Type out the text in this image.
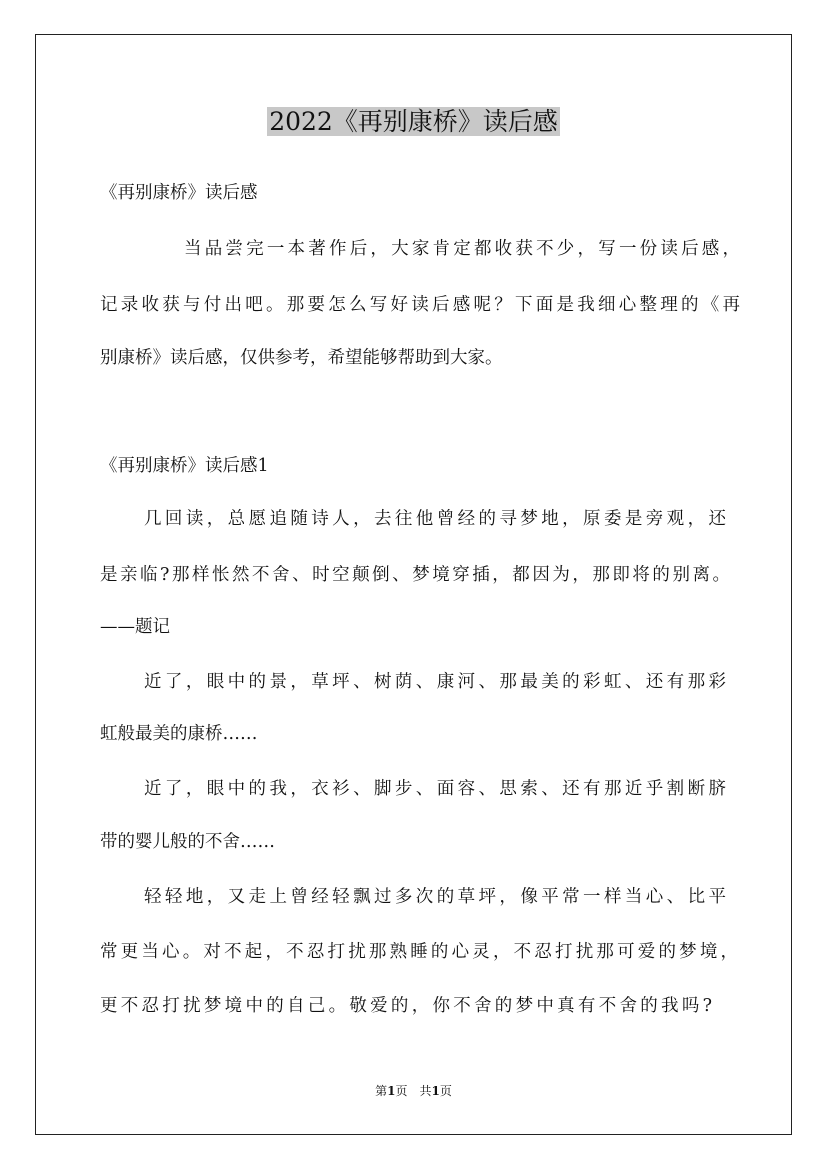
2022《再别康桥》读后感
《再别康桥》读后感
当品尝完一本著作后，大家肯定都收获不少，写一份读后感，
记录收获与付出吧。那要怎么写好读后感呢？下面是我细心整理的《再
别康桥》读后感，仅供参考，希望能够帮助到大家。
《再别康桥》读后感1
几回读，总愿追随诗人，去往他曾经的寻梦地，原委是旁观，还
是亲临?那样怅然不舍、时空颠倒、梦境穿插，都因为，那即将的别离。
——题记
近了，眼中的景，草坪、树荫、康河、那最美的彩虹、还有那彩
虹般最美的康桥……
近了，眼中的我，衣衫、脚步、面容、思索、还有那近乎割断脐
带的婴儿般的不舍……
轻轻地，又走上曾经轻飘过多次的草坪，像平常一样当心、比平
常更当心。对不起，不忍打扰那熟睡的心灵，不忍打扰那可爱的梦境，
更不忍打扰梦境中的自己。敬爱的，你不舍的梦中真有不舍的我吗?
第1页　共1页
